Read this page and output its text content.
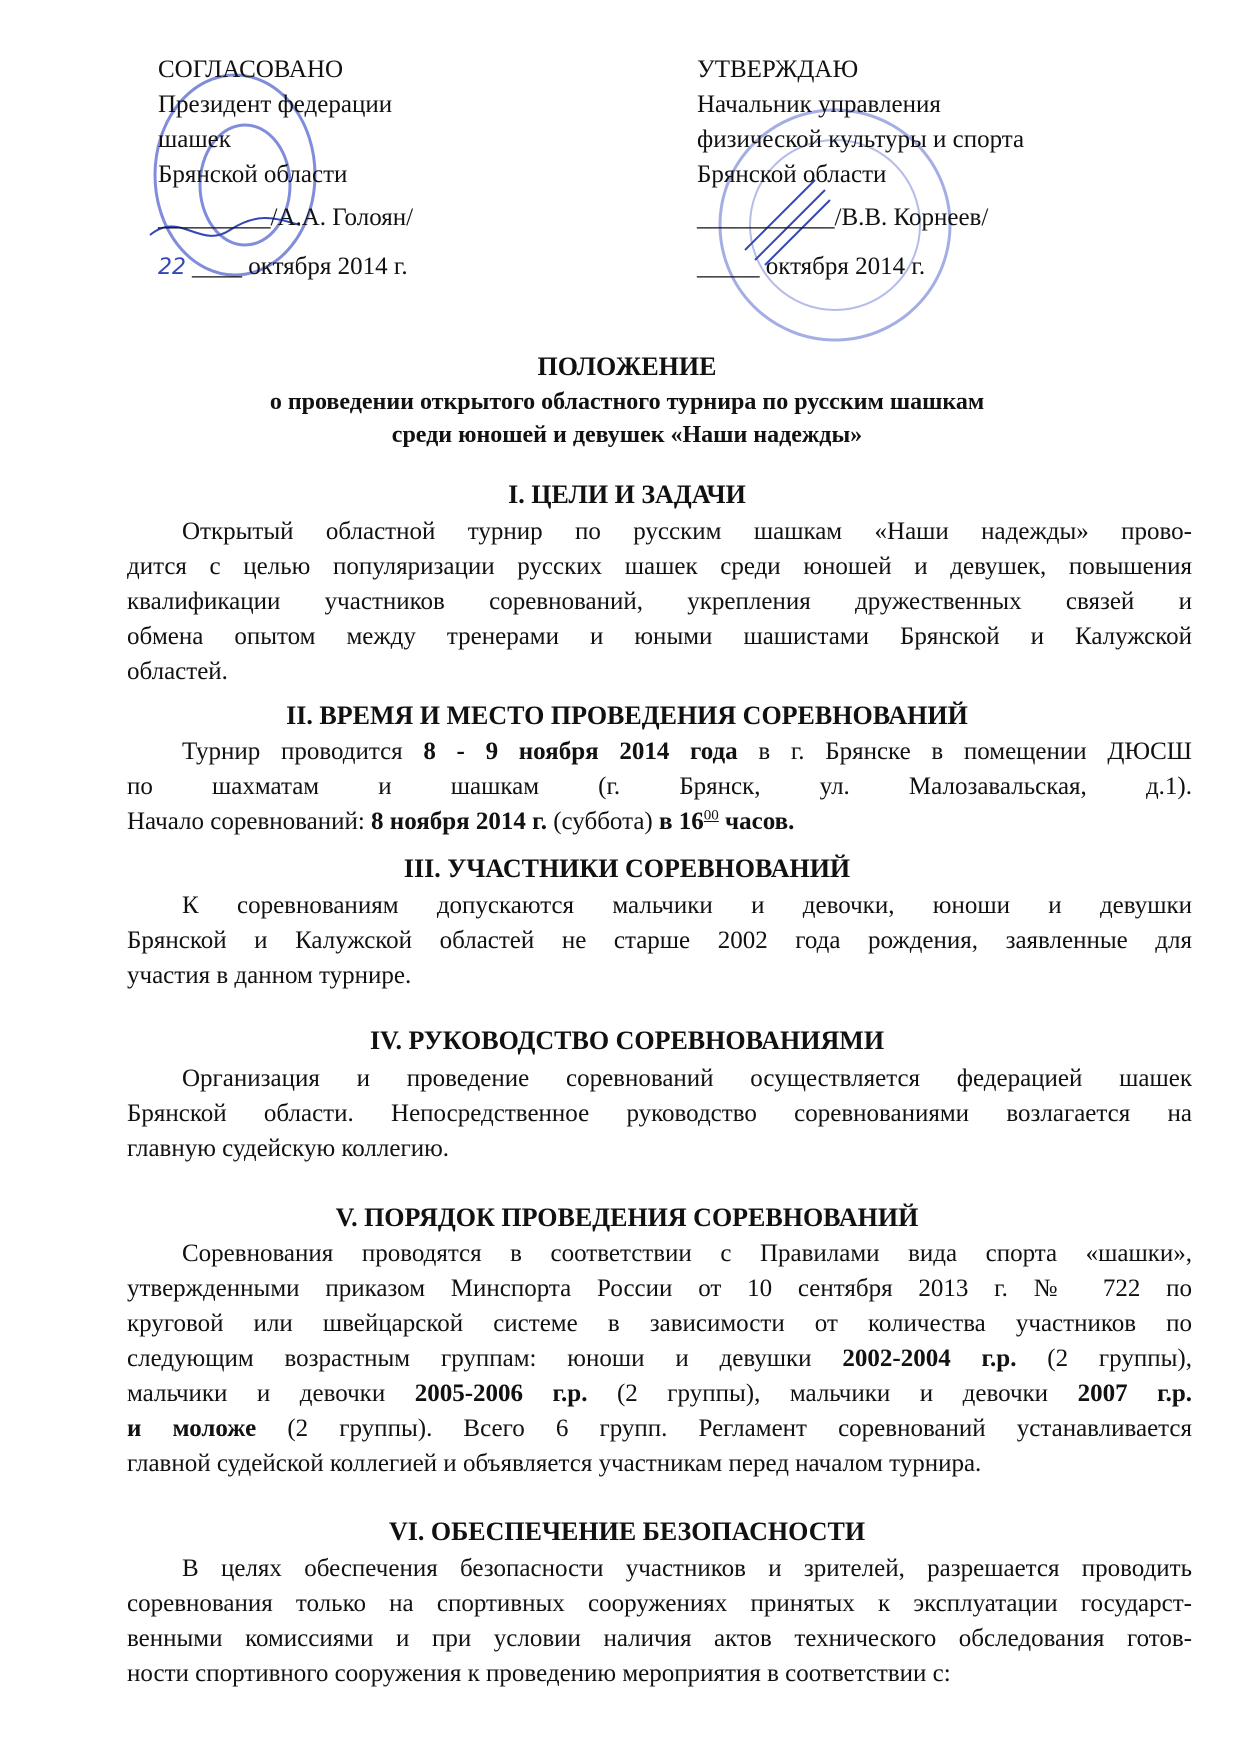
СОГЛАСОВАНО
Президент федерации
шашек
Брянской области
_________/А.А. Голоян/
22 ____ октября 2014 г.
УТВЕРЖДАЮ
Начальник управления
физической культуры и спорта
Брянской области
___________/В.В. Корнеев/
_____ октября 2014 г.
ПОЛОЖЕНИЕ
о проведении открытого областного турнира по русским шашкам
среди юношей и девушек «Наши надежды»
I. ЦЕЛИ И ЗАДАЧИ
Открытый областной турнир по русским шашкам «Наши надежды» прово-
дится с целью популяризации русских шашек среди юношей и девушек, повышения
квалификации участников соревнований, укрепления дружественных связей и
обмена опытом между тренерами и юными шашистами Брянской и Калужской
областей.
II. ВРЕМЯ И МЕСТО ПРОВЕДЕНИЯ СОРЕВНОВАНИЙ
Турнир проводится 8 - 9 ноября 2014 года в г. Брянске в помещении ДЮСШ
по шахматам и шашкам (г. Брянск, ул. Малозавальская, д.1).
Начало соревнований: 8 ноября 2014 г. (суббота) в $16^{00}$ часов.
III. УЧАСТНИКИ СОРЕВНОВАНИЙ
К соревнованиям допускаются мальчики и девочки, юноши и девушки
Брянской и Калужской областей не старше 2002 года рождения, заявленные для
участия в данном турнире.
IV. РУКОВОДСТВО СОРЕВНОВАНИЯМИ
Организация и проведение соревнований осуществляется федерацией шашек
Брянской области. Непосредственное руководство соревнованиями возлагается на
главную судейскую коллегию.
V. ПОРЯДОК ПРОВЕДЕНИЯ СОРЕВНОВАНИЙ
Соревнования проводятся в соответствии с Правилами вида спорта «шашки»,
утвержденными приказом Минспорта России от 10 сентября 2013 г. № 722 по
круговой или швейцарской системе в зависимости от количества участников по
следующим возрастным группам: юноши и девушки 2002-2004 г.р. (2 группы),
мальчики и девочки 2005-2006 г.р. (2 группы), мальчики и девочки 2007 г.р.
и моложе (2 группы). Всего 6 групп. Регламент соревнований устанавливается
главной судейской коллегией и объявляется участникам перед началом турнира.
VI. ОБЕСПЕЧЕНИЕ БЕЗОПАСНОСТИ
В целях обеспечения безопасности участников и зрителей, разрешается проводить
соревнования только на спортивных сооружениях принятых к эксплуатации государст-
венными комиссиями и при условии наличия актов технического обследования готов-
ности спортивного сооружения к проведению мероприятия в соответствии с:
